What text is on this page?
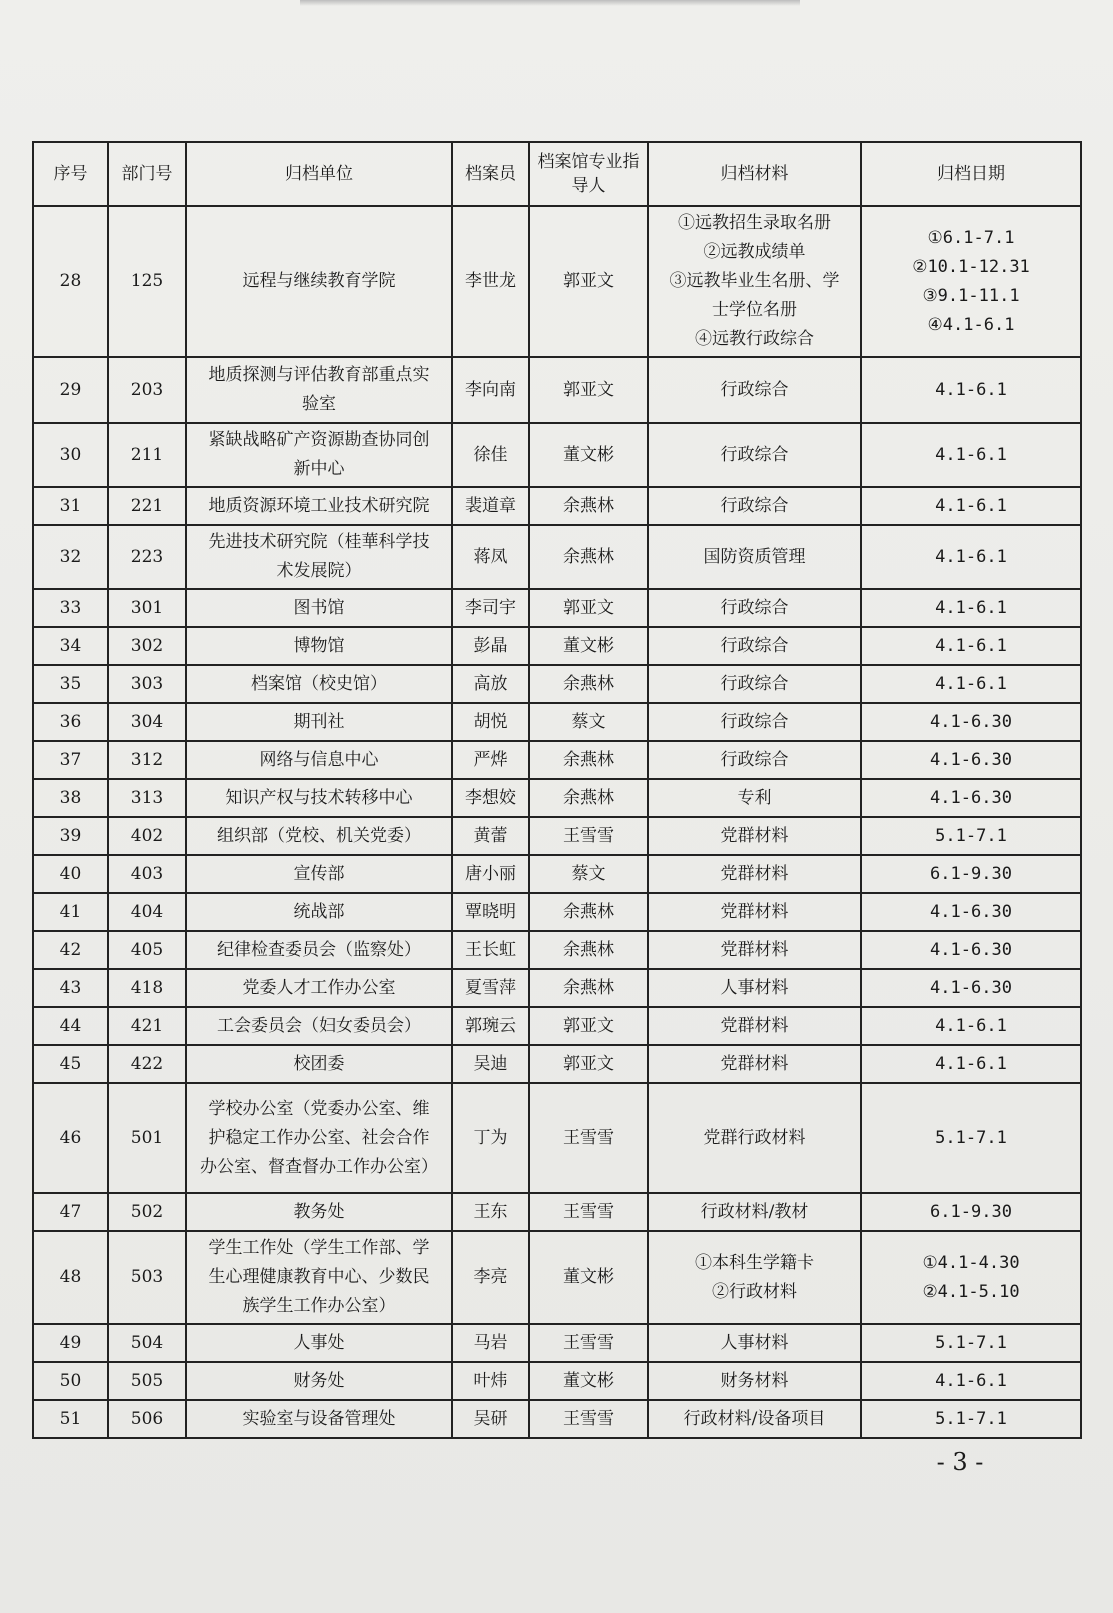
序号	部门号	归档单位	档案员	档案馆专业指导人	归档材料	归档日期
28	125	远程与继续教育学院	李世龙	郭亚文	①远教招生录取名册
②远教成绩单
③远教毕业生名册、学
士学位名册
④远教行政综合	①6.1-7.1
②10.1-12.31
③9.1-11.1
④4.1-6.1

29	203	地质探测与评估教育部重点实
验室	李向南	郭亚文	行政综合	4.1-6.1

30	211	紧缺战略矿产资源勘查协同创
新中心	徐佳	董文彬	行政综合	4.1-6.1

31	221	地质资源环境工业技术研究院	裴道章	余燕林	行政综合	4.1-6.1

32	223	先进技术研究院（桂華科学技
术发展院）	蒋凤	余燕林	国防资质管理	4.1-6.1

33	301	图书馆	李司宇	郭亚文	行政综合	4.1-6.1

34	302	博物馆	彭晶	董文彬	行政综合	4.1-6.1

35	303	档案馆（校史馆）	高放	余燕林	行政综合	4.1-6.1

36	304	期刊社	胡悦	蔡文	行政综合	4.1-6.30

37	312	网络与信息中心	严烨	余燕林	行政综合	4.1-6.30

38	313	知识产权与技术转移中心	李想姣	余燕林	专利	4.1-6.30

39	402	组织部（党校、机关党委）	黄蕾	王雪雪	党群材料	5.1-7.1

40	403	宣传部	唐小丽	蔡文	党群材料	6.1-9.30

41	404	统战部	覃晓明	余燕林	党群材料	4.1-6.30

42	405	纪律检查委员会（监察处）	王长虹	余燕林	党群材料	4.1-6.30

43	418	党委人才工作办公室	夏雪萍	余燕林	人事材料	4.1-6.30

44	421	工会委员会（妇女委员会）	郭琬云	郭亚文	党群材料	4.1-6.1

45	422	校团委	吴迪	郭亚文	党群材料	4.1-6.1

46	501	学校办公室（党委办公室、维
护稳定工作办公室、社会合作
办公室、督查督办工作办公室）	丁为	王雪雪	党群行政材料	5.1-7.1

47	502	教务处	王东	王雪雪	行政材料/教材	6.1-9.30

48	503	学生工作处（学生工作部、学
生心理健康教育中心、少数民
族学生工作办公室）	李亮	董文彬	①本科生学籍卡
②行政材料	①4.1-4.30
②4.1-5.10

49	504	人事处	马岩	王雪雪	人事材料	5.1-7.1

50	505	财务处	叶炜	董文彬	财务材料	4.1-6.1

51	506	实验室与设备管理处	吴研	王雪雪	行政材料/设备项目	5.1-7.1
- 3 -
